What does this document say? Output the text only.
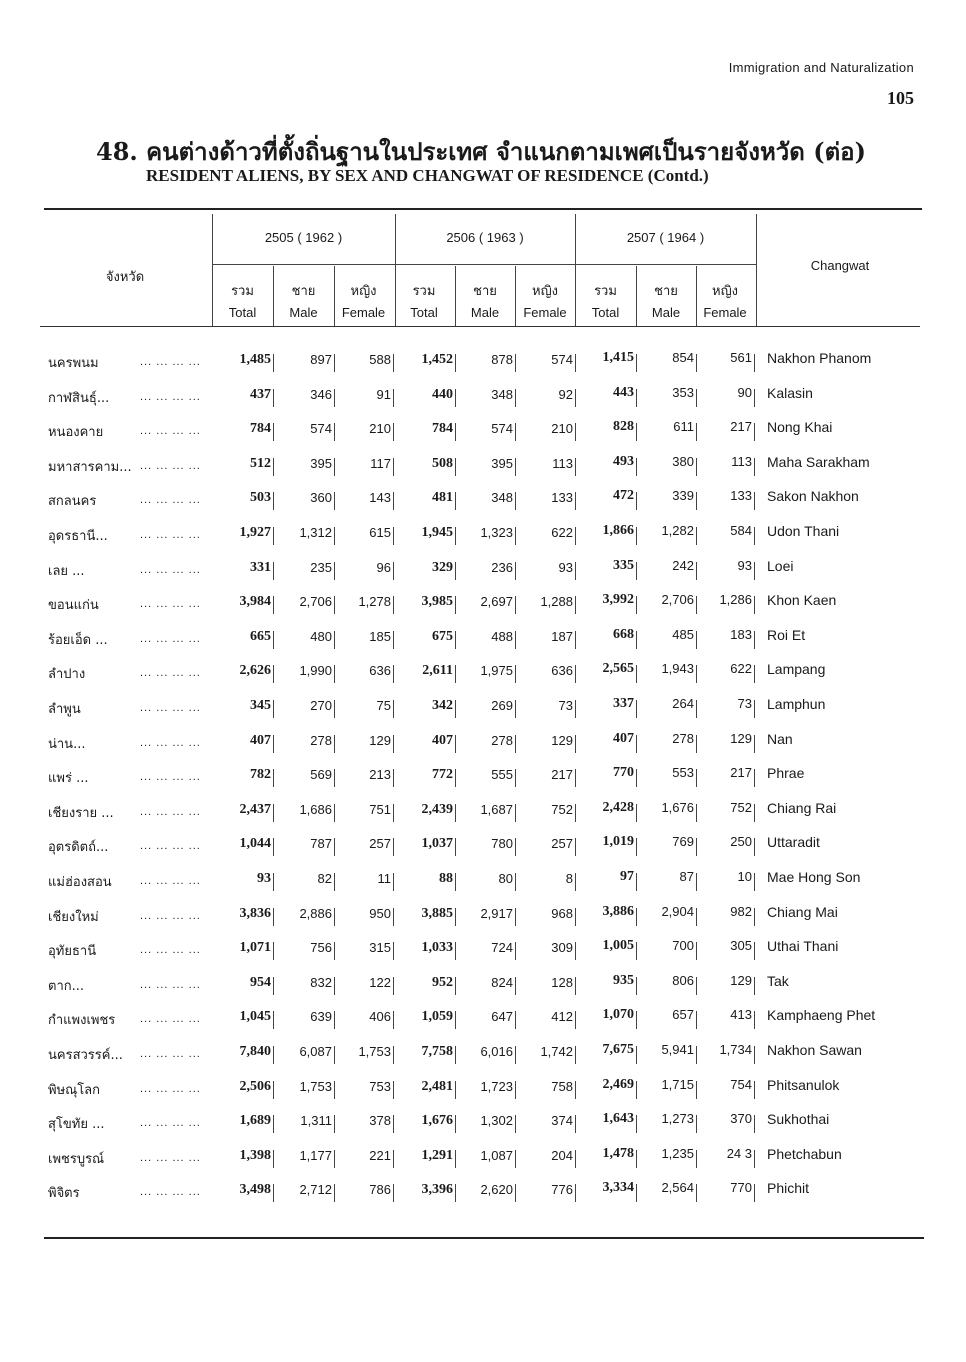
Immigration and Naturalization
105
48. คนต่างด้าวที่ตั้งถิ่นฐานในประเทศ จำแนกตามเพศเป็นรายจังหวัด (ต่อ)
RESIDENT ALIENS, BY SEX AND CHANGWAT OF RESIDENCE (Contd.)
จังหวัด
Changwat
2505 ( 1962 )	2506 ( 1963 )	2507 ( 1964 )
รวม
Total
ชาย
Male
หญิง
Female
รวม
Total
ชาย
Male
หญิง
Female
รวม
Total
ชาย
Male
หญิง
Female
นครพนม	... ... ... ...	1,485	897	588	1,452	878	574	1,415	854	561 Nakhon Phanom
กาฬสินธุ์...	... ... ... ...	437	346	91	440	348	92	443	353	90 Kalasin
หนองคาย	... ... ... ...	784	574	210	784	574	210	828	611	217 Nong Khai
มหาสารคาม... ... ... ... ...	512	395	117	508	395	113	493	380	113 Maha Sarakham
สกลนคร	... ... ... ...	503	360	143	481	348	133	472	339	133 Sakon Nakhon
อุดรธานี...	... ... ... ...	1,927	1,312	615	1,945	1,323	622	1,866	1,282	584 Udon Thani
เลย ...	... ... ... ...	331	235	96	329	236	93	335	242	93 Loei
ขอนแก่น	... ... ... ...	3,984	2,706	1,278	3,985	2,697	1,288	3,992	2,706	1,286 Khon Kaen
ร้อยเอ็ด ...	... ... ... ...	665	480	185	675	488	187	668	485	183 Roi Et
ลำปาง	... ... ... ...	2,626	1,990	636	2,611	1,975	636	2,565	1,943	622 Lampang
ลำพูน	... ... ... ...	345	270	75	342	269	73	337	264	73 Lamphun
น่าน...	... ... ... ...	407	278	129	407	278	129	407	278	129 Nan
แพร่ ...	... ... ... ...	782	569	213	772	555	217	770	553	217 Phrae
เชียงราย ... ... ... ... ...	2,437	1,686	751	2,439	1,687	752	2,428	1,676	752 Chiang Rai
อุตรดิตถ์...	... ... ... ...	1,044	787	257	1,037	780	257	1,019	769	250 Uttaradit
แม่ฮ่องสอน	... ... ... ...	93	82	11	88	80	8	97	87	10 Mae Hong Son
เชียงใหม่	... ... ... ...	3,836	2,886	950	3,885	2,917	968	3,886	2,904	982 Chiang Mai
อุทัยธานี	... ... ... ...	1,071	756	315	1,033	724	309	1,005	700	305 Uthai Thani
ตาก...	... ... ... ...	954	832	122	952	824	128	935	806	129 Tak
กำแพงเพชร ... ... ... ...	1,045	639	406	1,059	647	412	1,070	657	413 Kamphaeng Phet
นครสวรรค์... ... ... ... ...	7,840	6,087	1,753	7,758	6,016	1,742	7,675	5,941	1,734 Nakhon Sawan
พิษณุโลก	... ... ... ...	2,506	1,753	753	2,481	1,723	758	2,469	1,715	754 Phitsanulok
สุโขทัย ...	... ... ... ...	1,689	1,311	378	1,676	1,302	374	1,643	1,273	370 Sukhothai
เพชรบูรณ์	... ... ... ...	1,398	1,177	221	1,291	1,087	204	1,478	1,235	24 3 Phetchabun
พิจิตร	... ... ... ...	3,498	2,712	786	3,396	2,620	776	3,334	2,564	770 Phichit
